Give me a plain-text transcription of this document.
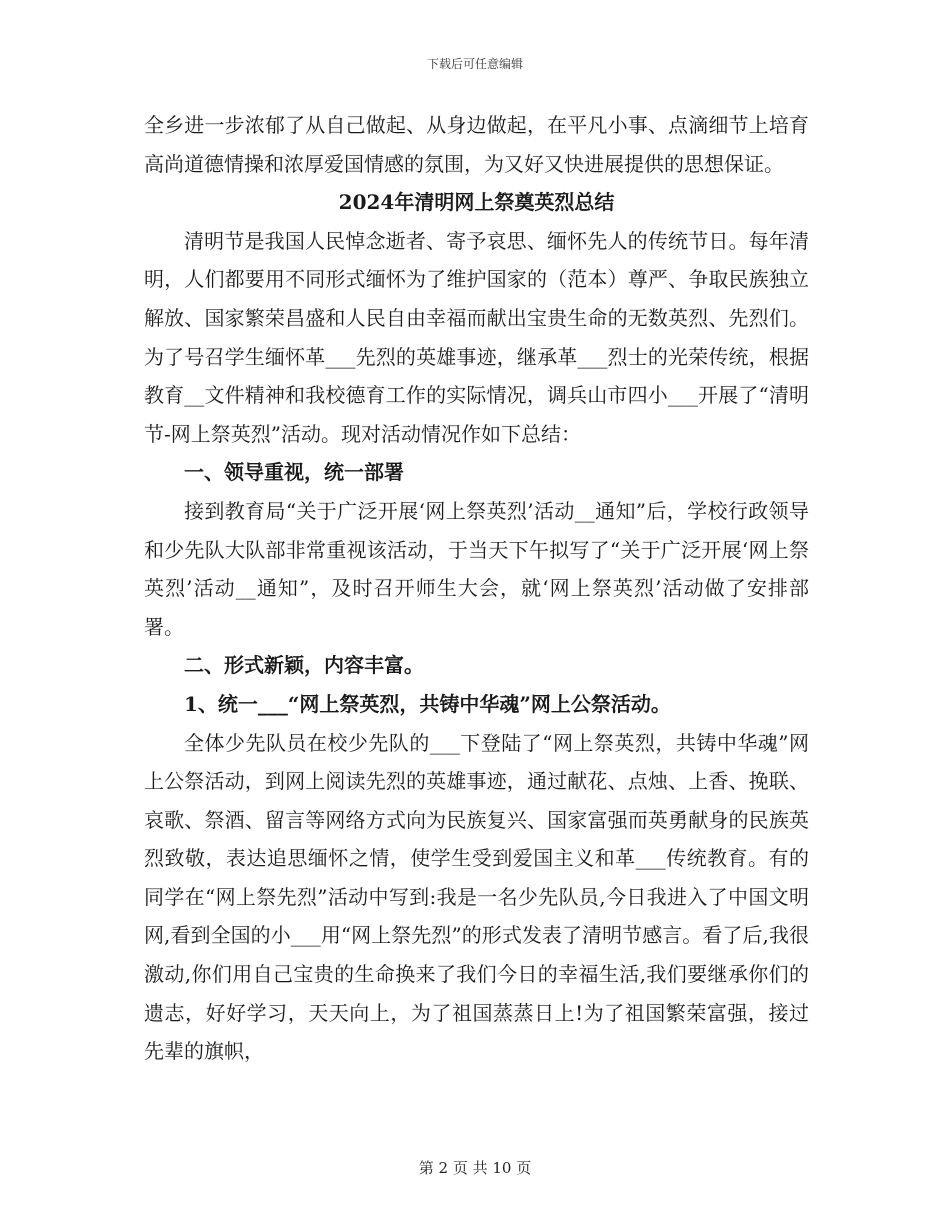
下载后可任意编辑

全乡进一步浓郁了从自己做起、从身边做起，在平凡小事、点滴细节上培育高尚道德情操和浓厚爱国情感的氛围，为又好又快进展提供的思想保证。

2024年清明网上祭奠英烈总结

清明节是我国人民悼念逝者、寄予哀思、缅怀先人的传统节日。每年清明，人们都要用不同形式缅怀为了维护国家的（范本）尊严、争取民族独立解放、国家繁荣昌盛和人民自由幸福而献出宝贵生命的无数英烈、先烈们。为了号召学生缅怀革___先烈的英雄事迹，继承革___烈士的光荣传统，根据教育__文件精神和我校德育工作的实际情况，调兵山市四小___开展了“清明节-网上祭英烈”活动。现对活动情况作如下总结：

一、领导重视，统一部署

接到教育局“关于广泛开展‘网上祭英烈’活动__通知”后，学校行政领导和少先队大队部非常重视该活动，于当天下午拟写了“关于广泛开展‘网上祭英烈’活动__通知”，及时召开师生大会，就‘网上祭英烈’活动做了安排部署。

二、形式新颖，内容丰富。

1、统一___“网上祭英烈，共铸中华魂”网上公祭活动。

全体少先队员在校少先队的___下登陆了“网上祭英烈，共铸中华魂”网上公祭活动，到网上阅读先烈的英雄事迹，通过献花、点烛、上香、挽联、哀歌、祭酒、留言等网络方式向为民族复兴、国家富强而英勇献身的民族英烈致敬，表达追思缅怀之情，使学生受到爱国主义和革___传统教育。有的同学在“网上祭先烈”活动中写到:我是一名少先队员,今日我进入了中国文明网,看到全国的小___用“网上祭先烈”的形式发表了清明节感言。看了后,我很激动,你们用自己宝贵的生命换来了我们今日的幸福生活,我们要继承你们的遗志，好好学习，天天向上，为了祖国蒸蒸日上!为了祖国繁荣富强，接过先辈的旗帜，

第 2 页 共 10 页
